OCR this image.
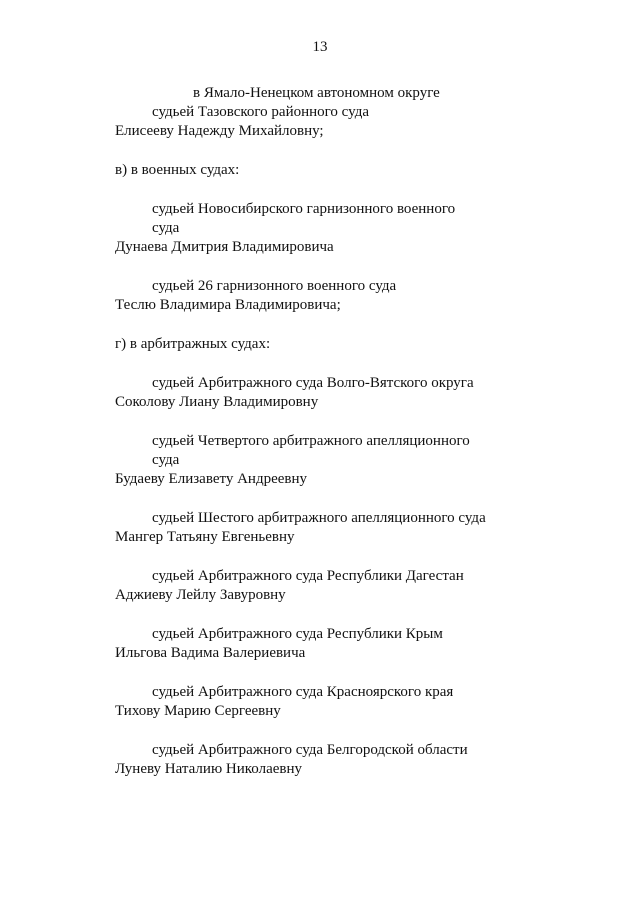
13
в Ямало-Ненецком автономном округе
судьей Тазовского районного суда
Елисееву Надежду Михайловну;
в) в военных судах:
судьей Новосибирского гарнизонного военного
суда
Дунаева Дмитрия Владимировича
судьей 26 гарнизонного военного суда
Теслю Владимира Владимировича;
г) в арбитражных судах:
судьей Арбитражного суда Волго-Вятского округа
Соколову Лиану Владимировну
судьей Четвертого арбитражного апелляционного
суда
Будаеву Елизавету Андреевну
судьей Шестого арбитражного апелляционного суда
Мангер Татьяну Евгеньевну
судьей Арбитражного суда Республики Дагестан
Аджиеву Лейлу Завуровну
судьей Арбитражного суда Республики Крым
Ильгова Вадима Валериевича
судьей Арбитражного суда Красноярского края
Тихову Марию Сергеевну
судьей Арбитражного суда Белгородской области
Луневу Наталию Николаевну
